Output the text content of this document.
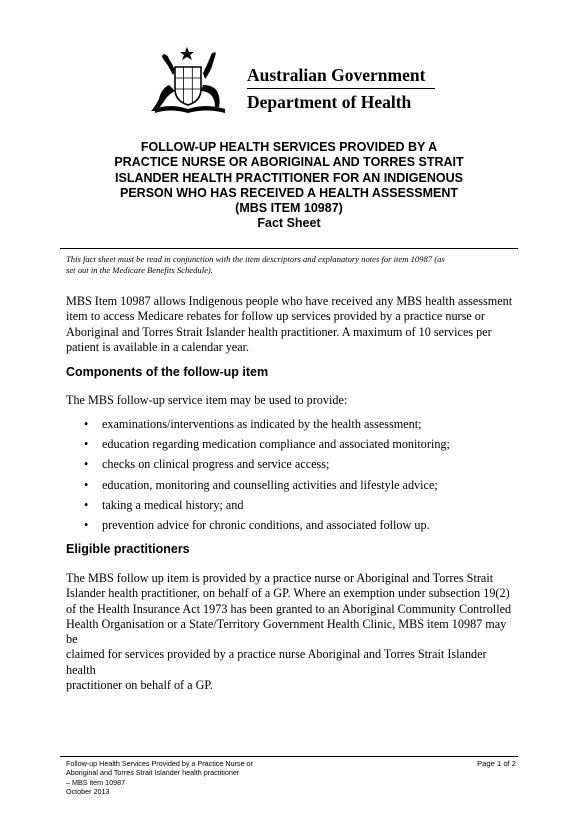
Australian Government
Department of Health
FOLLOW-UP HEALTH SERVICES PROVIDED BY A
PRACTICE NURSE OR ABORIGINAL AND TORRES STRAIT
ISLANDER HEALTH PRACTITIONER FOR AN INDIGENOUS
PERSON WHO HAS RECEIVED A HEALTH ASSESSMENT
(MBS ITEM 10987)
Fact Sheet
This fact sheet must be read in conjunction with the item descriptors and explanatory notes for item 10987 (as
set out in the Medicare Benefits Schedule).
MBS Item 10987 allows Indigenous people who have received any MBS health assessment
item to access Medicare rebates for follow up services provided by a practice nurse or
Aboriginal and Torres Strait Islander health practitioner. A maximum of 10 services per
patient is available in a calendar year.
Components of the follow-up item
The MBS follow-up service item may be used to provide:
• examinations/interventions as indicated by the health assessment;
• education regarding medication compliance and associated monitoring;
• checks on clinical progress and service access;
• education, monitoring and counselling activities and lifestyle advice;
• taking a medical history; and
• prevention advice for chronic conditions, and associated follow up.
Eligible practitioners
The MBS follow up item is provided by a practice nurse or Aboriginal and Torres Strait
Islander health practitioner, on behalf of a GP. Where an exemption under subsection 19(2)
of the Health Insurance Act 1973 has been granted to an Aboriginal Community Controlled
Health Organisation or a State/Territory Government Health Clinic, MBS item 10987 may be
claimed for services provided by a practice nurse Aboriginal and Torres Strait Islander health
practitioner on behalf of a GP.
Follow-up Health Services Provided by a Practice Nurse or
Aboriginal and Torres Strait Islander health practitioner
– MBS item 10987
October 2013
Page 1 of 2
